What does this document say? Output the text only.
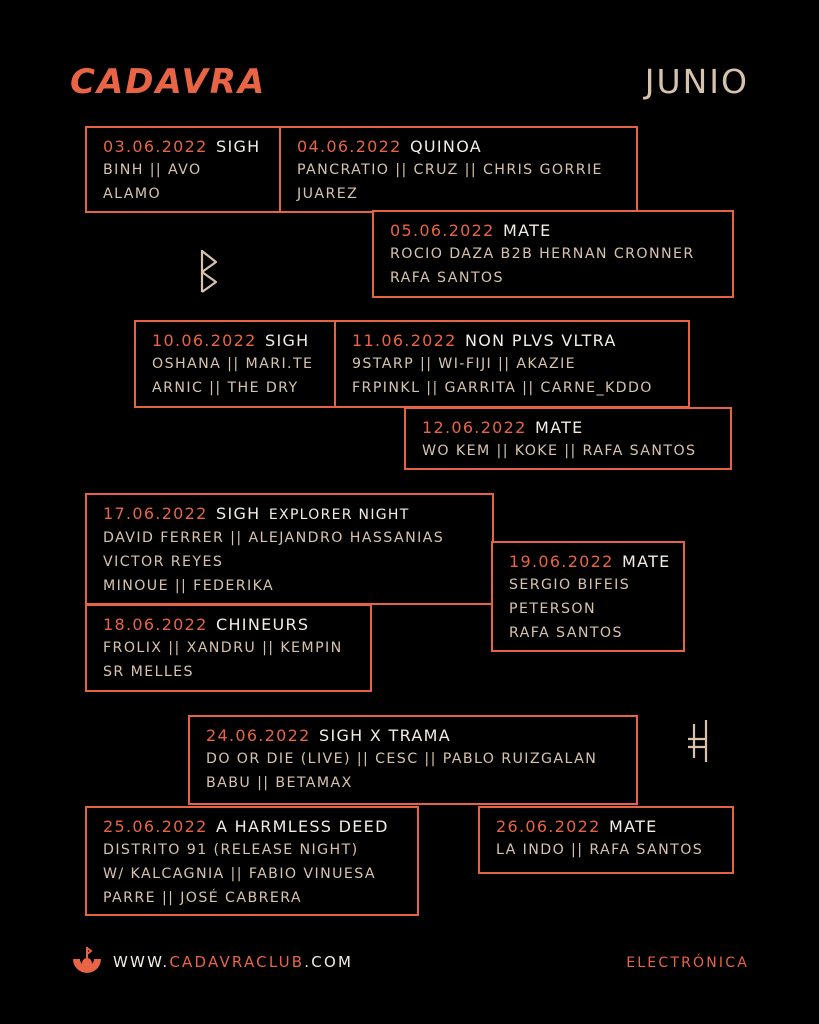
CADAVRA	JUNIO
03.06.2022 SIGH
BINH || AVO
ALAMO
04.06.2022 QUINOA
PANCRATIO || CRUZ || CHRIS GORRIE
JUAREZ
05.06.2022 MATE
ROCIO DAZA B2B HERNAN CRONNER
RAFA SANTOS
10.06.2022 SIGH
OSHANA || MARI.TE
ARNIC || THE DRY
11.06.2022 NON PLVS VLTRA
9STARP || WI-FIJI || AKAZIE
FRPINKL || GARRITA || CARNE_KDDO
12.06.2022 MATE
WO KEM || KOKE || RAFA SANTOS
17.06.2022 SIGH EXPLORER NIGHT
DAVID FERRER || ALEJANDRO HASSANIAS
VICTOR REYES
MINOUE || FEDERIKA
19.06.2022 MATE
SERGIO BIFEIS
PETERSON
RAFA SANTOS
18.06.2022 CHINEURS
FROLIX || XANDRU || KEMPIN
SR MELLES
24.06.2022 SIGH X TRAMA
DO OR DIE (LIVE) || CESC || PABLO RUIZGALAN
BABU || BETAMAX
25.06.2022 A HARMLESS DEED
DISTRITO 91 (RELEASE NIGHT)
W/ KALCAGNIA || FABIO VINUESA
PARRE || JOSÉ CABRERA
26.06.2022 MATE
LA INDO || RAFA SANTOS
WWW.CADAVRACLUB.COM	ELECTRÓNICA
